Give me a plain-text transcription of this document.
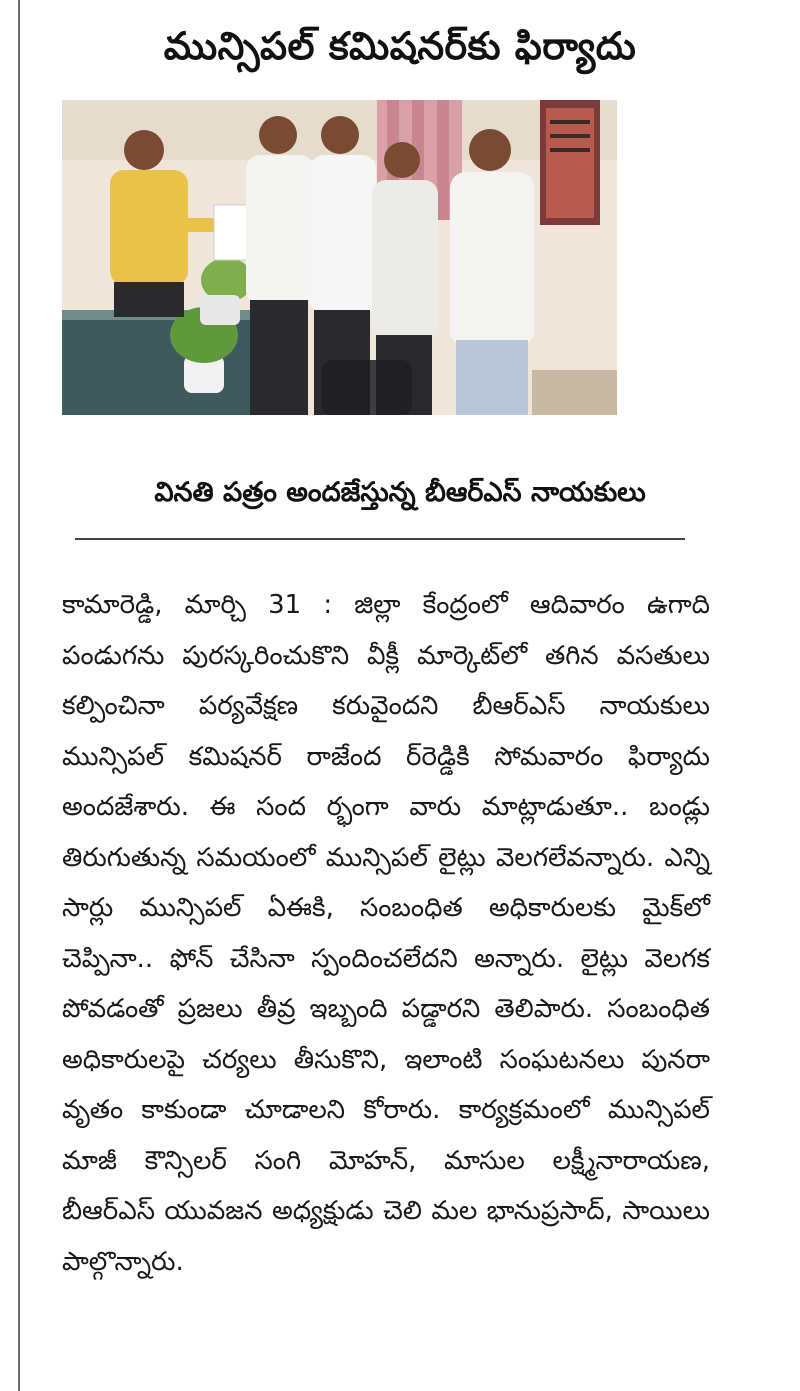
మున్సిపల్ కమిషనర్‌కు ఫిర్యాదు
వినతి పత్రం అందజేస్తున్న బీఆర్ఎస్ నాయకులు

కామారెడ్డి, మార్చి 31 : జిల్లా కేంద్రంలో ఆదివారం ఉగాది పండుగను పురస్కరించుకొని వీక్లీ మార్కెట్‌లో తగిన వసతులు కల్పించినా పర్యవేక్షణ కరువైందని బీఆర్ఎస్ నాయకులు మున్సిపల్ కమిషనర్ రాజేంద ర్‌రెడ్డికి సోమవారం ఫిర్యాదు అందజేశారు. ఈ సంద ర్భంగా వారు మాట్లాడుతూ.. బండ్లు తిరుగుతున్న సమయంలో మున్సిపల్ లైట్లు వెలగలేవన్నారు. ఎన్ని సార్లు మున్సిపల్ ఏఈకి, సంబంధిత అధికారులకు మైక్‌లో చెప్పినా.. ఫోన్ చేసినా స్పందించలేదని అన్నారు. లైట్లు వెలగక పోవడంతో ప్రజలు తీవ్ర ఇబ్బంది పడ్డారని తెలిపారు. సంబంధిత అధికారులపై చర్యలు తీసుకొని, ఇలాంటి సంఘటనలు పునరా వృతం కాకుండా చూడాలని కోరారు. కార్యక్రమంలో మున్సిపల్ మాజీ కౌన్సిలర్ సంగి మోహన్, మాసుల లక్ష్మీనారాయణ, బీఆర్ఎస్ యువజన అధ్యక్షుడు చెలి మల భానుప్రసాద్, సాయిలు పాల్గొన్నారు.
